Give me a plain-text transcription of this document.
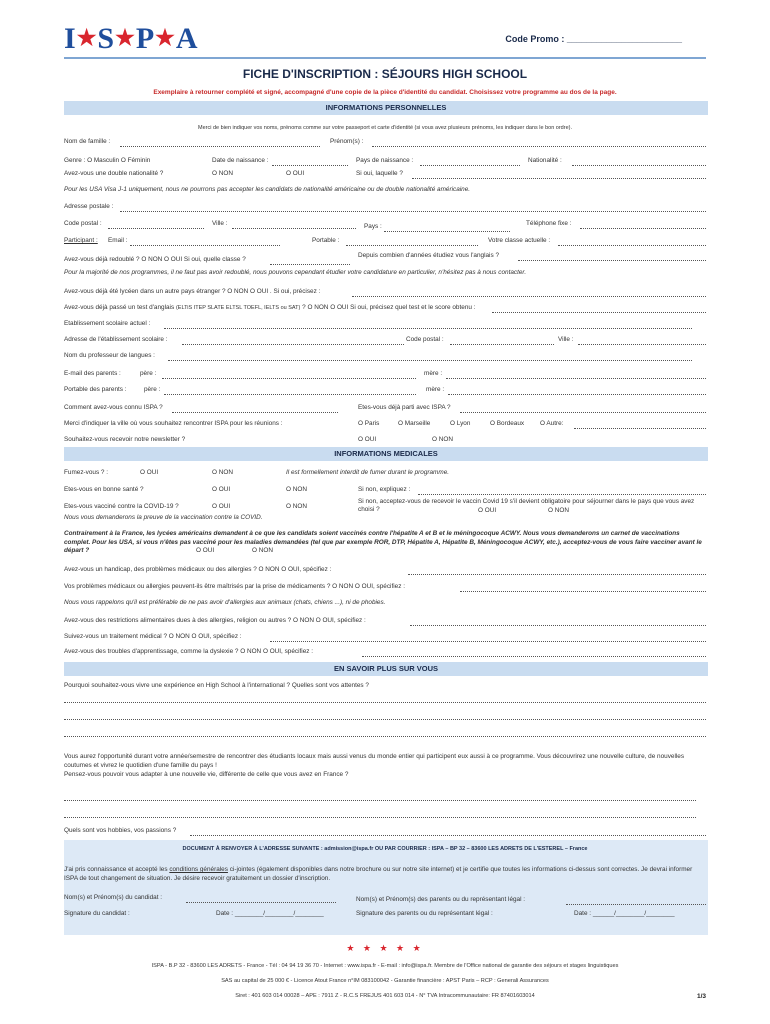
I★S★P★A	Code Promo : _______________________
FICHE D'INSCRIPTION : SÉJOURS HIGH SCHOOL
Exemplaire à retourner complété et signé, accompagné d'une copie de la pièce d'identité du candidat. Choisissez votre programme au dos de la page.
INFORMATIONS PERSONNELLES
Merci de bien indiquer vos noms, prénoms comme sur votre passeport et carte d'identité (si vous avez plusieurs prénoms, les indiquer dans le bon ordre).
Nom de famille :	Prénom(s) :
Genre : O Masculin O Féminin	Date de naissance :	Pays de naissance :	Nationalité :
Avez-vous une double nationalité ?	O NON	O OUI	Si oui, laquelle ?
Pour les USA Visa J-1 uniquement, nous ne pourrons pas accepter les candidats de nationalité américaine ou de double nationalité américaine.
Adresse postale :
Code postal :	Ville :	Pays :	Téléphone fixe :
Participant : Email :	Portable :	Votre classe actuelle :
Avez-vous déjà redoublé ? O NON O OUI Si oui, quelle classe ?
Depuis combien d'années étudiez vous l'anglais ?
Pour la majorité de nos programmes, il ne faut pas avoir redoublé, nous pouvons cependant étudier votre candidature en particulier, n'hésitez pas à nous contacter.
Avez-vous déjà été lycéen dans un autre pays étranger ? O NON O OUI . Si oui, précisez :
Avez-vous déjà passé un test d'anglais (ELTiS ITEP SLATE ELTSL TOEFL, IELTS ou SAT) ? O NON O OUI Si oui, précisez quel test et le score obtenu :
Etablissement scolaire actuel :
Adresse de l'établissement scolaire :	Code postal :	Ville :
Nom du professeur de langues :
E-mail des parents :	père :	mère :
Portable des parents :	père :	mère :
Comment avez-vous connu ISPA ?	Etes-vous déjà parti avec ISPA ?
Merci d'indiquer la ville où vous souhaitez rencontrer ISPA pour les réunions :	O Paris	O Marseille	O Lyon	O Bordeaux O Autre:
Souhaitez-vous recevoir notre newsletter ?	O OUI	O NON
INFORMATIONS MEDICALES
Fumez-vous ? :	O OUI	O NON	Il est formellement interdit de fumer durant le programme.
Etes-vous en bonne santé ?	O OUI	O NON	Si non, expliquez :
Etes-vous vacciné contre la COVID-19 ?	O OUI	O NON
Si non, acceptez-vous de recevoir le vaccin Covid 19 s'il devient obligatoire pour séjourner dans le pays que vous avez choisi ?	O OUI	O NON
Nous vous demanderons la preuve de la vaccination contre la COVID.
Contrairement à la France, les lycées américains demandent à ce que les candidats soient vaccinés contre l'hépatite A et B et le méningocoque ACWY. Nous vous demanderons un carnet de vaccinations complet. Pour les USA, si vous n'êtes pas vacciné pour les maladies demandées (tel que par exemple ROR, DTP, Hépatite A, Hépatite B, Méningocoque ACWY, etc.), acceptez-vous de vous faire vacciner avant le départ ?	O OUI	O NON
Avez-vous un handicap, des problèmes médicaux ou des allergies ? O NON O OUI, spécifiez :
Vos problèmes médicaux ou allergies peuvent-ils être maîtrisés par la prise de médicaments ? O NON O OUI, spécifiez :
Nous vous rappelons qu'il est préférable de ne pas avoir d'allergies aux animaux (chats, chiens ...), ni de phobies.
Avez-vous des restrictions alimentaires dues à des allergies, religion ou autres ? O NON O OUI, spécifiez :
Suivez-vous un traitement médical ? O NON O OUI, spécifiez :
Avez-vous des troubles d'apprentissage, comme la dyslexie ? O NON O OUI, spécifiez :
EN SAVOIR PLUS SUR VOUS
Pourquoi souhaitez-vous vivre une expérience en High School à l'international ? Quelles sont vos attentes ?
Vous aurez l'opportunité durant votre année/semestre de rencontrer des étudiants locaux mais aussi venus du monde entier qui participent eux aussi à ce programme. Vous découvrirez une nouvelle culture, de nouvelles coutumes et vivrez le quotidien d'une famille du pays !
Pensez-vous pouvoir vous adapter à une nouvelle vie, différente de celle que vous avez en France ?
Quels sont vos hobbies, vos passions ?
DOCUMENT À RENVOYER À L'ADRESSE SUIVANTE : admission@ispa.fr OU PAR COURRIER : ISPA – BP 32 – 83600 LES ADRETS DE L'ESTEREL – France
J'ai pris connaissance et accepté les conditions générales ci-jointes (également disponibles dans notre brochure ou sur notre site internet) et je certifie que toutes les informations ci-dessus sont correctes. Je devrai informer ISPA de tout changement de situation. Je désire recevoir gratuitement un dossier d'inscription.
Nom(s) et Prénom(s) du candidat :	Nom(s) et Prénom(s) des parents ou du représentant légal :
Signature du candidat :	Date : ________/________/________	Signature des parents ou du représentant légal :	Date : ______/________/________
★ ★ ★ ★ ★
ISPA - B.P 32 - 83600 LES ADRETS - France - Tél : 04 94 19 36 70 - Internet : www.ispa.fr - E-mail : info@ispa.fr. Membre de l'Office national de garantie des séjours et stages linguistiques
SAS au capital de 25 000 € - Licence Atout France n°IM 083100042 - Garantie financière : APST Paris – RCP : Generali Assurances
Siret : 401 603 014 00028 – APE : 7911 Z - R.C.S FREJUS 401 603 014 - N° TVA Intracommunautaire: FR 87401603014	1/3
